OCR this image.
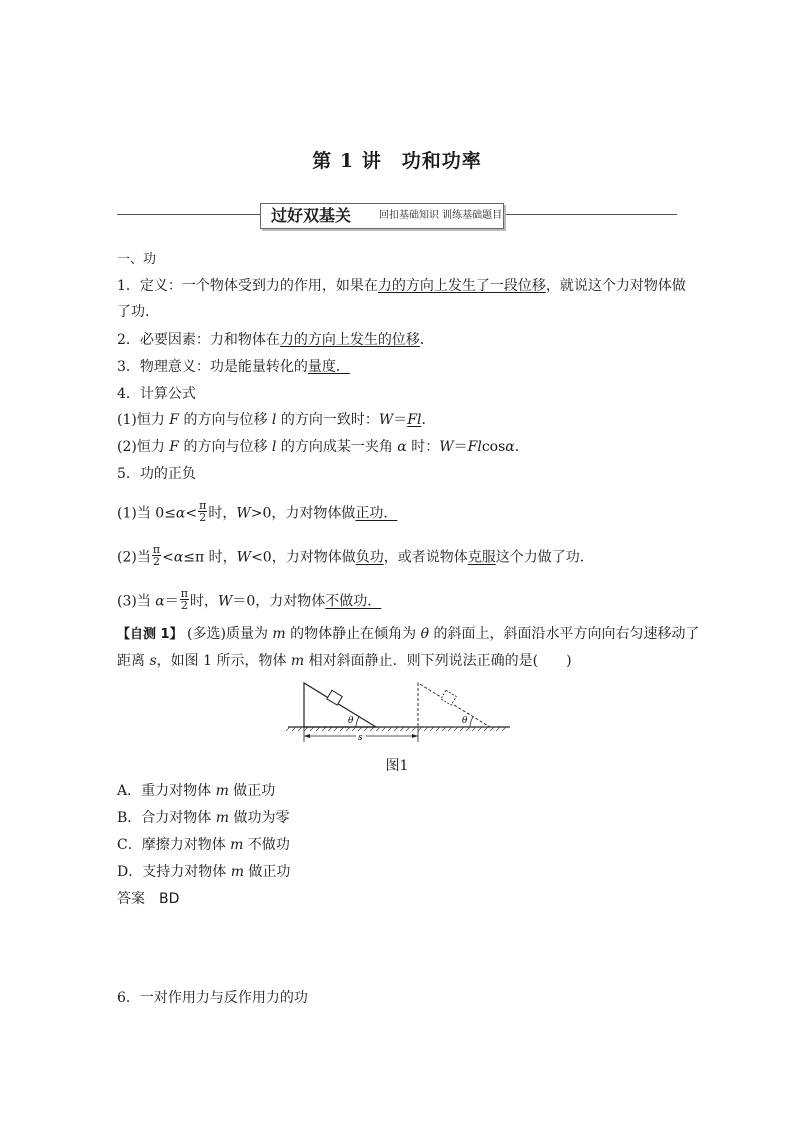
第 1 讲　功和功率
过好双基关	回扣基础知识 训练基础题目
一、功
1．定义：一个物体受到力的作用，如果在力的方向上发生了一段位移，就说这个力对物体做
了功．
2．必要因素：力和物体在力的方向上发生的位移．
3．物理意义：功是能量转化的量度．
4．计算公式
(1)恒力 F 的方向与位移 l 的方向一致时：W＝Fl.
(2)恒力 F 的方向与位移 l 的方向成某一夹角 α 时：W＝Flcosα.
5．功的正负
(1)当 $0\le\alpha< \frac{\pi}{2}$ 时，W>0，力对物体做正功．
(2)当 $\frac{\pi}{2} <\alpha\le\pi$ 时，W<0，力对物体做负功，或者说物体克服这个力做了功．
(3)当 $\alpha= \frac{\pi}{2}$ 时，W＝0，力对物体不做功．
【自测 1】 (多选)质量为 m 的物体静止在倾角为 θ 的斜面上，斜面沿水平方向向右匀速移动了
距离 s，如图 1 所示，物体 m 相对斜面静止．则下列说法正确的是(　　)
θ	θ
s
图1
A．重力对物体 m 做正功
B．合力对物体 m 做功为零
C．摩擦力对物体 m 不做功
D．支持力对物体 m 做正功
答案 BD
6．一对作用力与反作用力的功
